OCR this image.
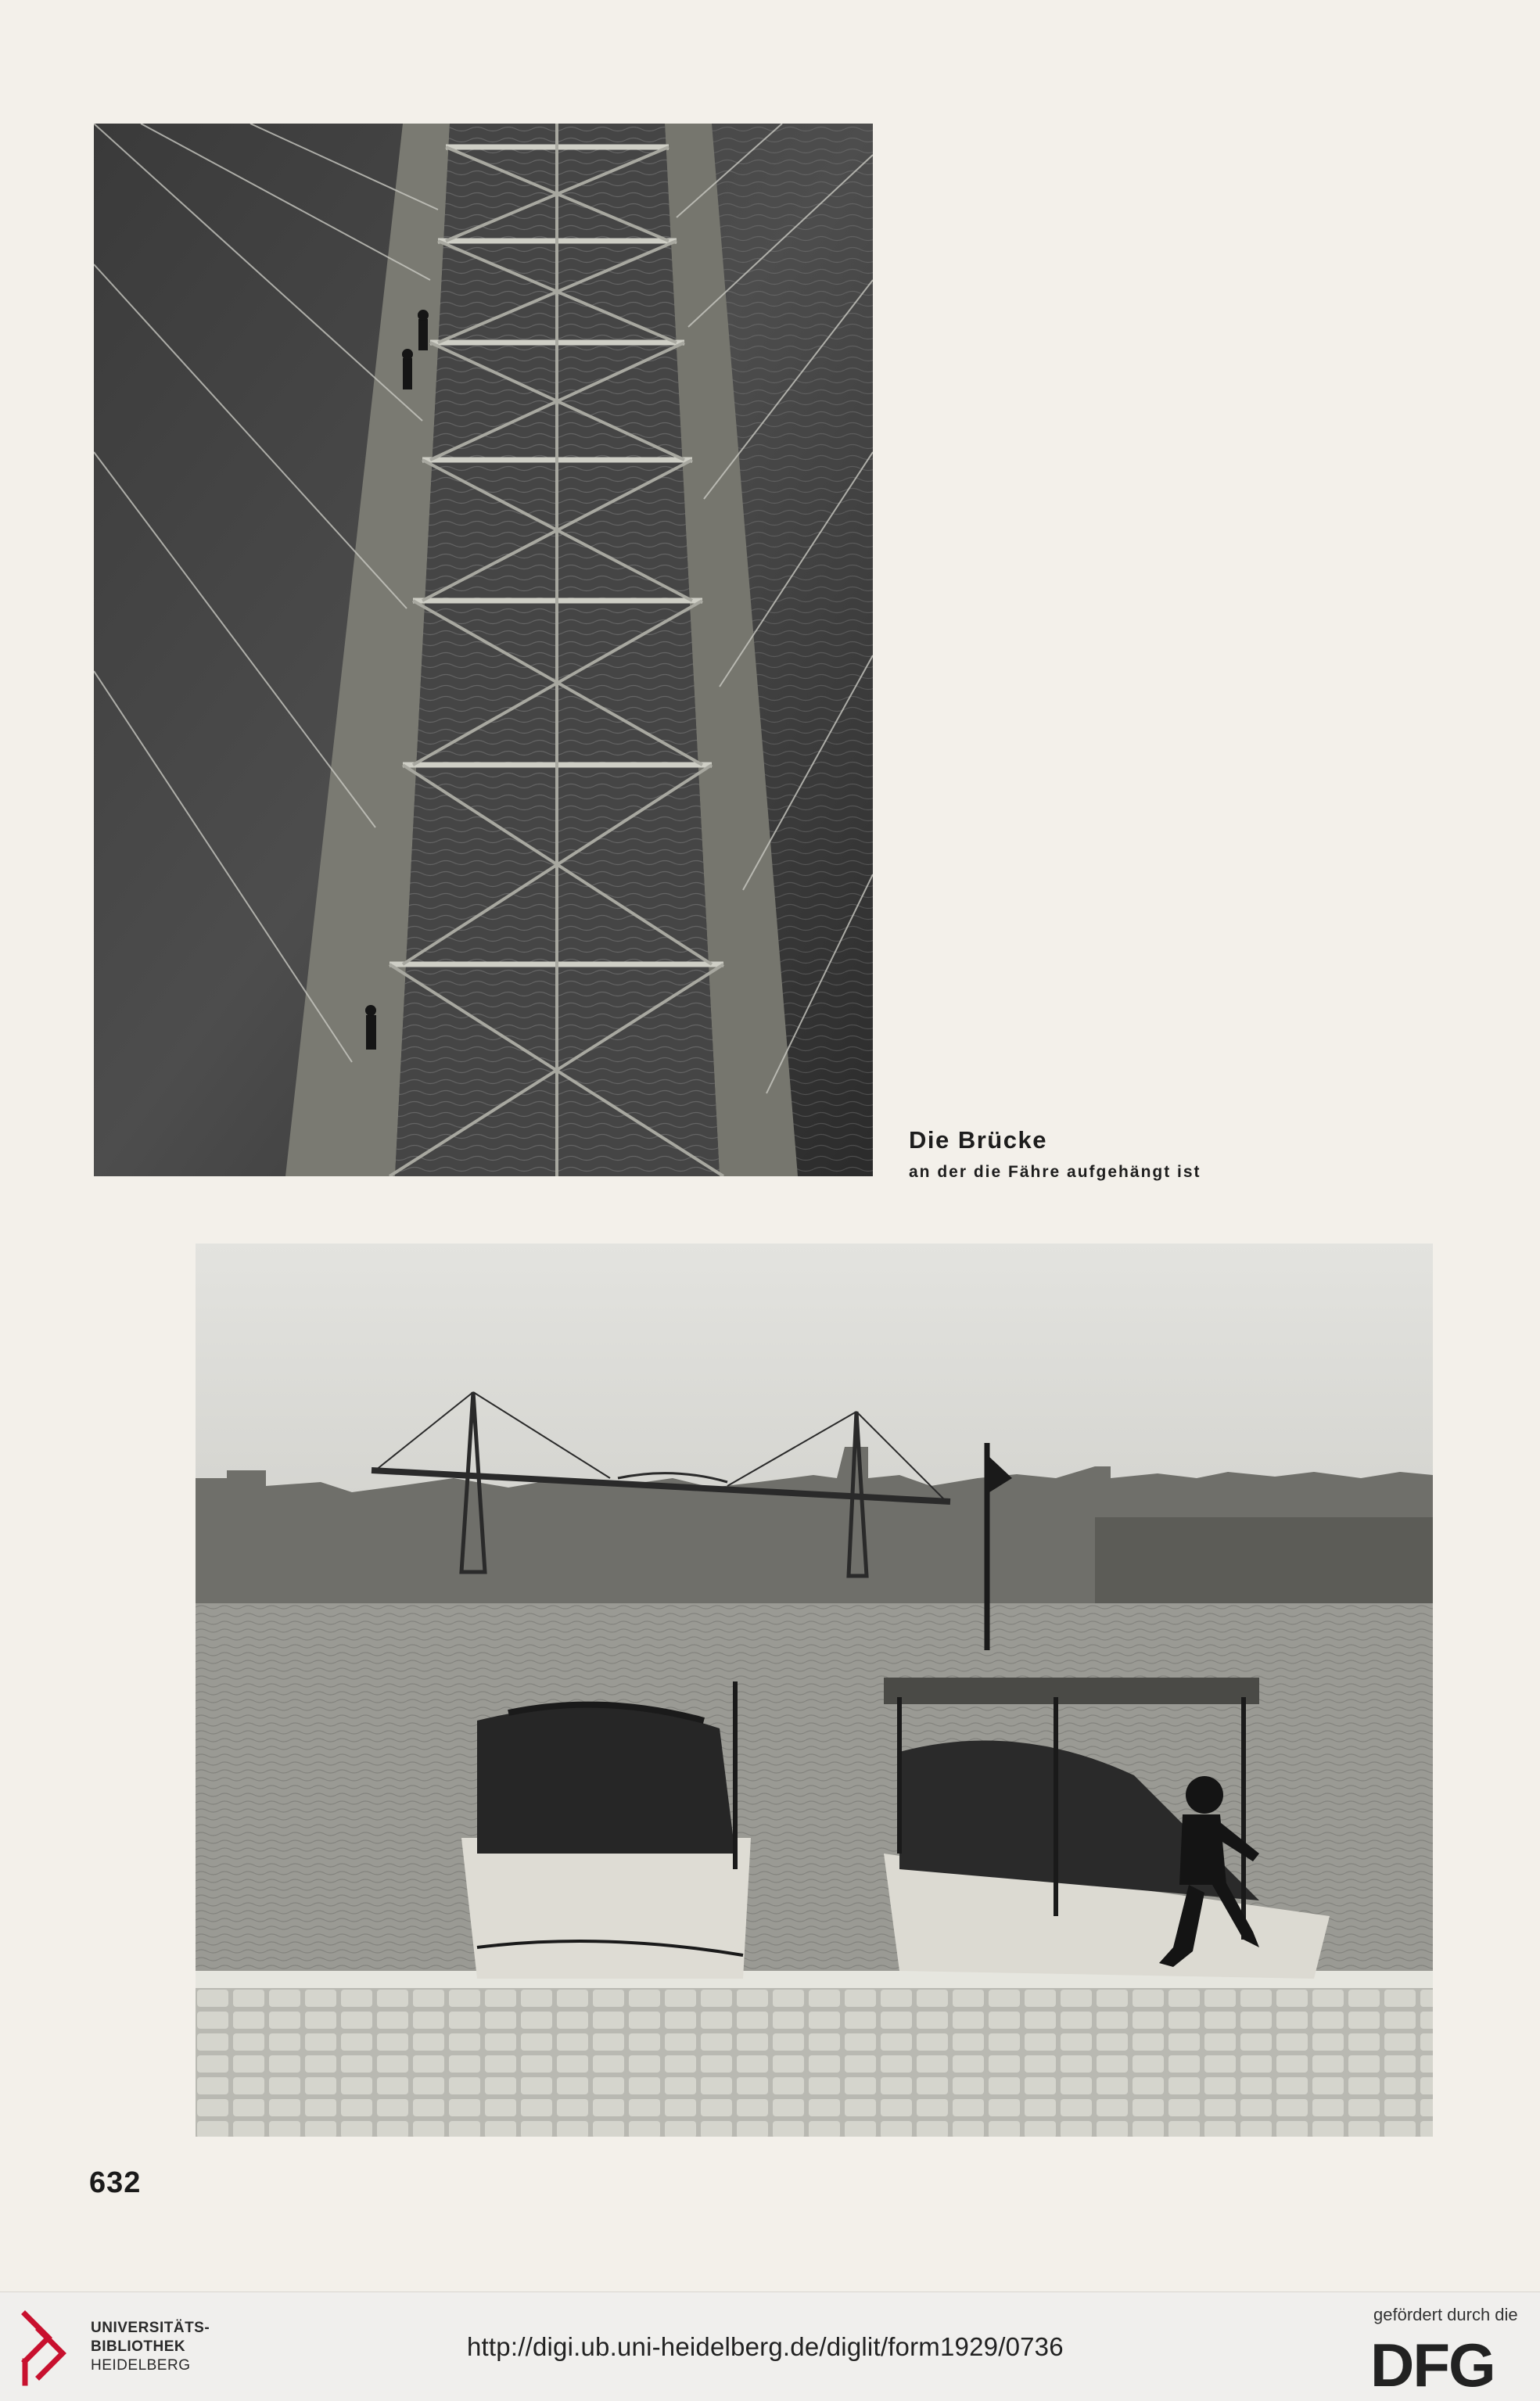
Die Brücke
an der die Fähre aufgehängt ist
632
UNIVERSITÄTS-
BIBLIOTHEK
HEIDELBERG
http://digi.ub.uni-heidelberg.de/diglit/form1929/0736
gefördert durch die
DFG
